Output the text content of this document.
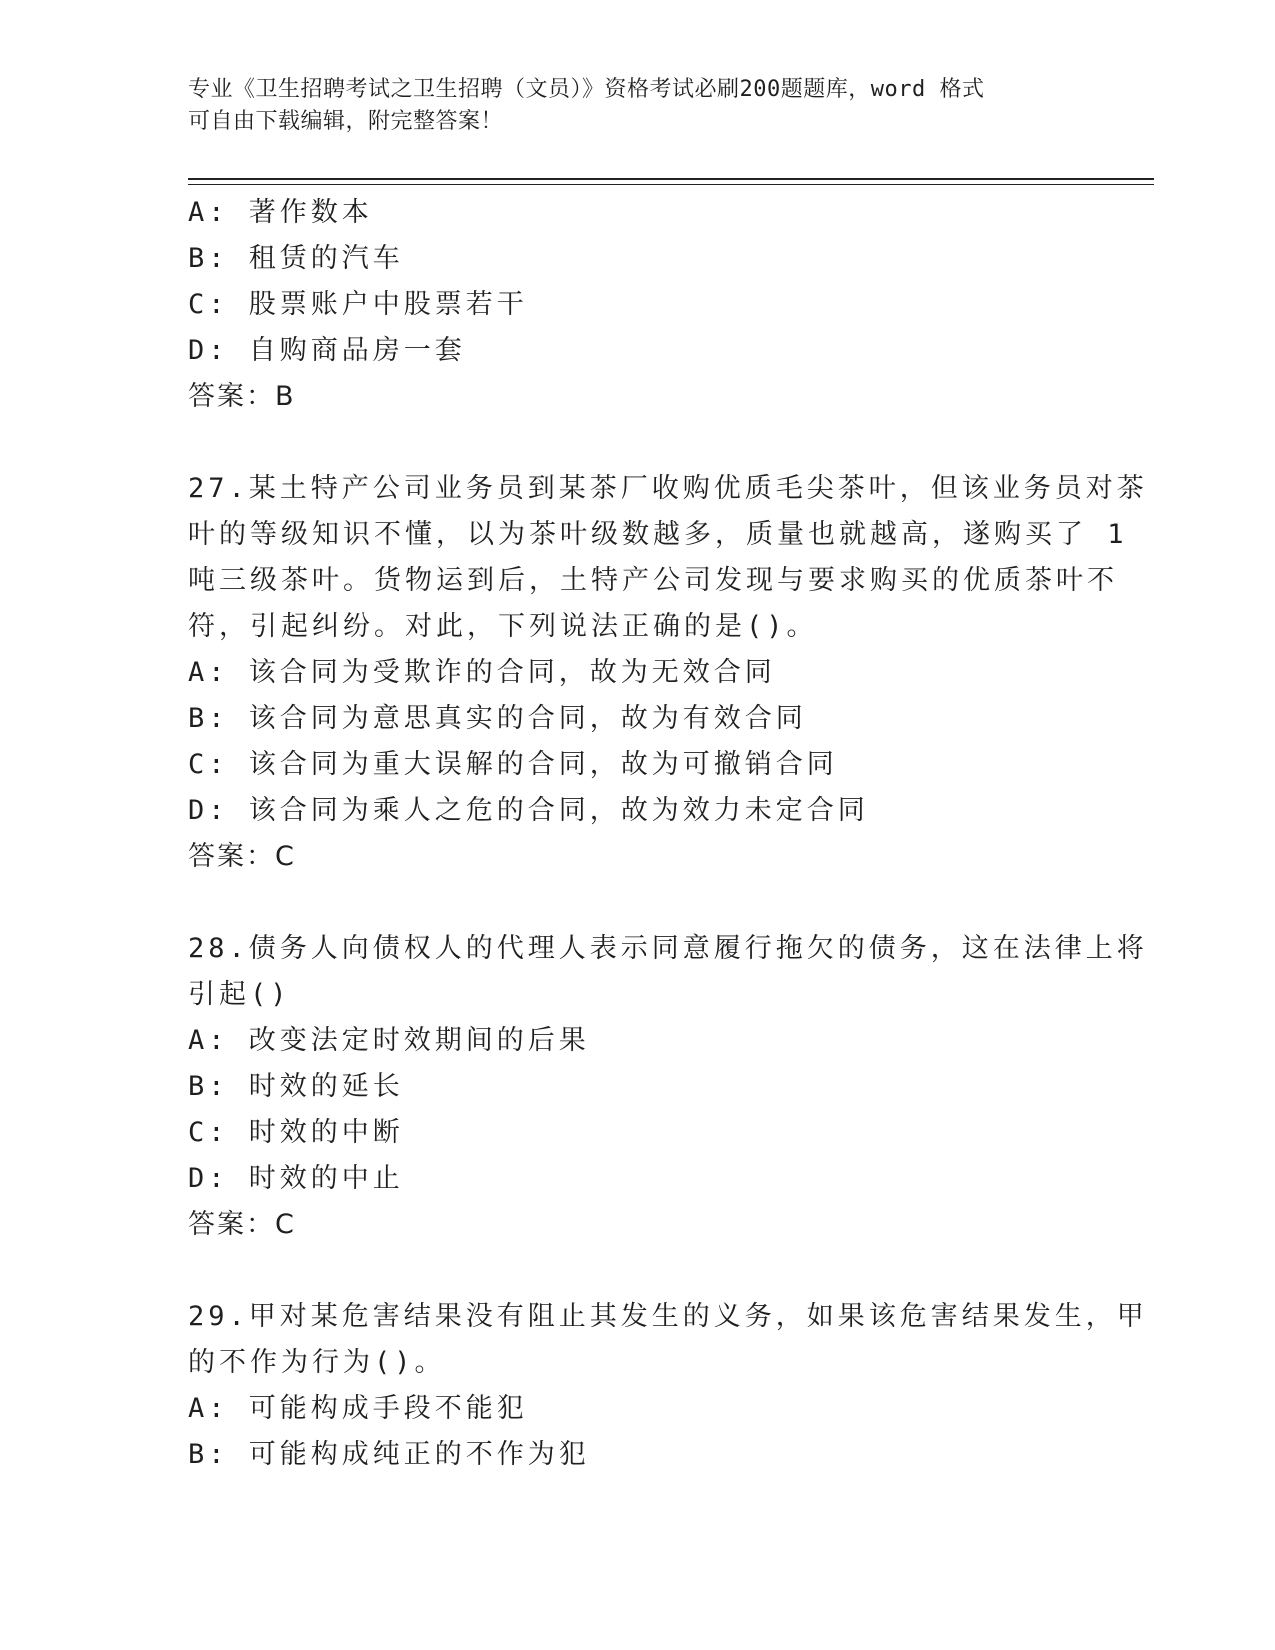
专业《卫生招聘考试之卫生招聘（文员）》资格考试必刷200题题库，word 格式
可自由下载编辑，附完整答案！
A: 著作数本
B: 租赁的汽车
C: 股票账户中股票若干
D: 自购商品房一套
答案：B
27.某土特产公司业务员到某茶厂收购优质毛尖茶叶，但该业务员对茶
叶的等级知识不懂，以为茶叶级数越多，质量也就越高，遂购买了 1
吨三级茶叶。货物运到后，土特产公司发现与要求购买的优质茶叶不
符，引起纠纷。对此，下列说法正确的是()。
A: 该合同为受欺诈的合同，故为无效合同
B: 该合同为意思真实的合同，故为有效合同
C: 该合同为重大误解的合同，故为可撤销合同
D: 该合同为乘人之危的合同，故为效力未定合同
答案：C
28.债务人向债权人的代理人表示同意履行拖欠的债务，这在法律上将
引起()
A: 改变法定时效期间的后果
B: 时效的延长
C: 时效的中断
D: 时效的中止
答案：C
29.甲对某危害结果没有阻止其发生的义务，如果该危害结果发生，甲
的不作为行为()。
A: 可能构成手段不能犯
B: 可能构成纯正的不作为犯
